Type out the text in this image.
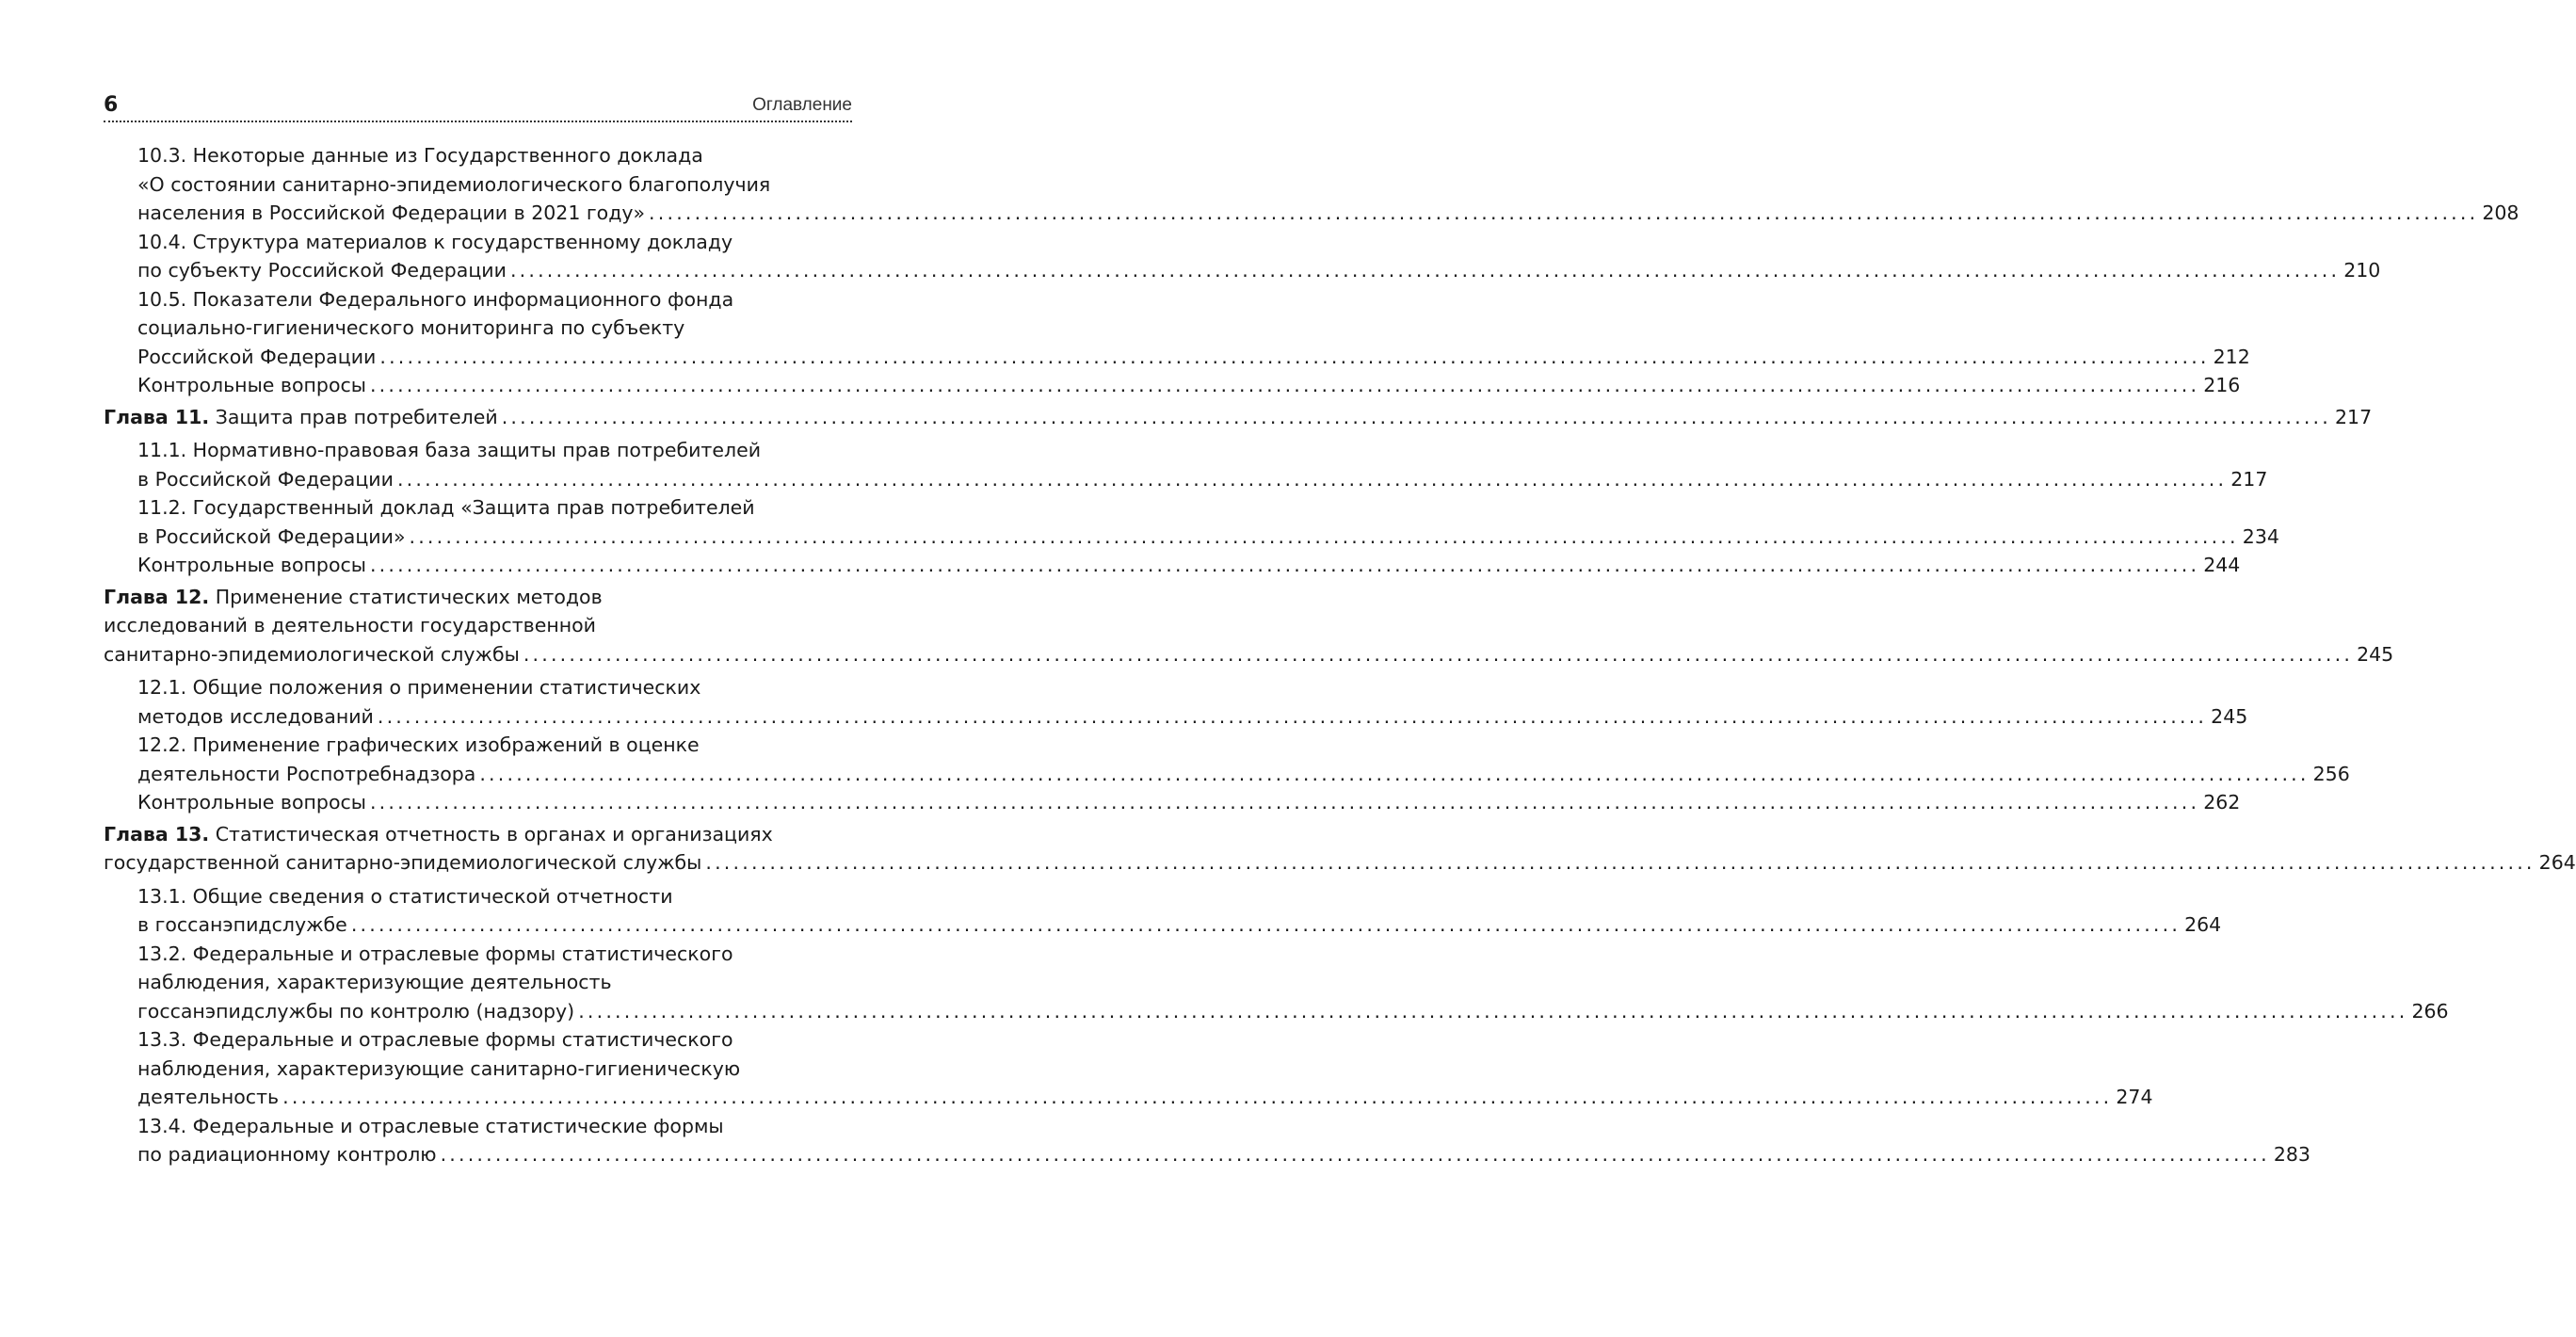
6	Оглавление
10.3. Некоторые данные из Государственного доклада
«О состоянии санитарно-эпидемиологического благополучия
населения в Российской Федерации в 2021 году» ........................................................................................................................................................................................................ 208
10.4. Структура материалов к государственному докладу
по субъекту Российской Федерации ........................................................................................................................................................................................................ 210
10.5. Показатели Федерального информационного фонда
социально-гигиенического мониторинга по субъекту
Российской Федерации ........................................................................................................................................................................................................ 212
Контрольные вопросы ........................................................................................................................................................................................................ 216
Глава 11. Защита прав потребителей ........................................................................................................................................................................................................ 217
11.1. Нормативно-правовая база защиты прав потребителей
в Российской Федерации ........................................................................................................................................................................................................ 217
11.2. Государственный доклад «Защита прав потребителей
в Российской Федерации» ........................................................................................................................................................................................................ 234
Контрольные вопросы ........................................................................................................................................................................................................ 244
Глава 12. Применение статистических методов
исследований в деятельности государственной
санитарно-эпидемиологической службы ........................................................................................................................................................................................................ 245
12.1. Общие положения о применении статистических
методов исследований ........................................................................................................................................................................................................ 245
12.2. Применение графических изображений в оценке
деятельности Роспотребнадзора ........................................................................................................................................................................................................ 256
Контрольные вопросы ........................................................................................................................................................................................................ 262
Глава 13. Статистическая отчетность в органах и организациях
государственной санитарно-эпидемиологической службы ........................................................................................................................................................................................................ 264
13.1. Общие сведения о статистической отчетности
в госсанэпидслужбе ........................................................................................................................................................................................................ 264
13.2. Федеральные и отраслевые формы статистического
наблюдения, характеризующие деятельность
госсанэпидслужбы по контролю (надзору) ........................................................................................................................................................................................................ 266
13.3. Федеральные и отраслевые формы статистического
наблюдения, характеризующие санитарно-гигиеническую
деятельность ........................................................................................................................................................................................................ 274
13.4. Федеральные и отраслевые статистические формы
по радиационному контролю ........................................................................................................................................................................................................ 283
